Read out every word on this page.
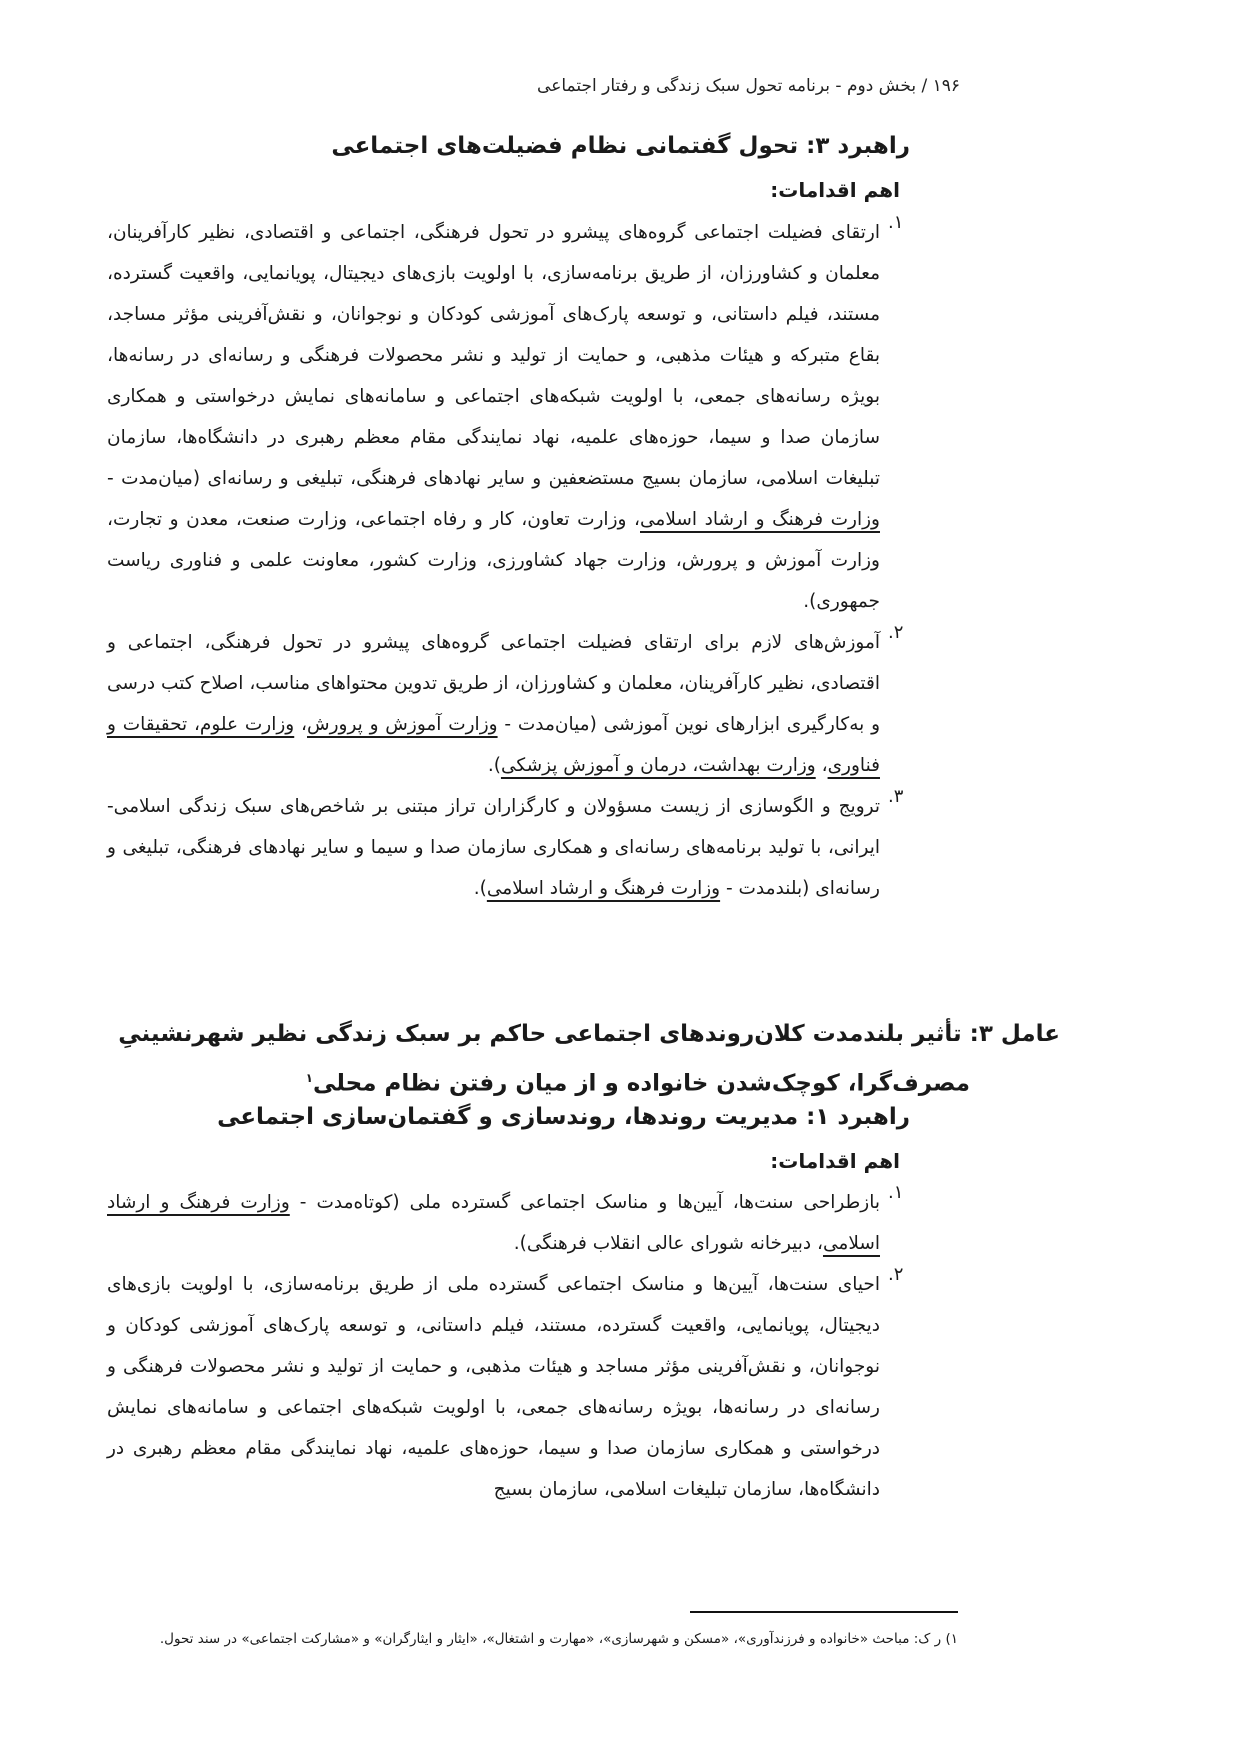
۱۹۶ / بخش دوم - برنامه تحول سبک زندگی و رفتار اجتماعی
راهبرد ۳: تحول گفتمانی نظام فضیلت‌های اجتماعی
اهم اقدامات:
۱.
ارتقای فضیلت اجتماعی گروه‌های پیشرو در تحول فرهنگی، اجتماعی و اقتصادی، نظیر کارآفرینان، معلمان و کشاورزان، از طریق برنامه‌سازی، با اولویت بازی‌های دیجیتال، پویانمایی، واقعیت گسترده، مستند، فیلم داستانی، و توسعه پارک‌های آموزشی کودکان و نوجوانان، و نقش‌آفرینی مؤثر مساجد، بقاع متبرکه و هیئات مذهبی، و حمایت از تولید و نشر محصولات فرهنگی و رسانه‌ای در رسانه‌ها، بویژه رسانه‌های جمعی، با اولویت شبکه‌های اجتماعی و سامانه‌های نمایش درخواستی و همکاری سازمان صدا و سیما، حوزه‌های علمیه، نهاد نمایندگی مقام معظم رهبری در دانشگاه‌ها، سازمان تبلیغات اسلامی، سازمان بسیج مستضعفین و سایر نهادهای فرهنگی، تبلیغی و رسانه‌ای (میان‌مدت - وزارت فرهنگ و ارشاد اسلامی، وزارت تعاون، کار و رفاه اجتماعی، وزارت صنعت، معدن و تجارت، وزارت آموزش و پرورش، وزارت جهاد کشاورزی، وزارت کشور، معاونت علمی و فناوری ریاست جمهوری).
۲.
آموزش‌های لازم برای ارتقای فضیلت اجتماعی گروه‌های پیشرو در تحول فرهنگی، اجتماعی و اقتصادی، نظیر کارآفرینان، معلمان و کشاورزان، از طریق تدوین محتواهای مناسب، اصلاح کتب درسی و به‌کارگیری ابزارهای نوین آموزشی (میان‌مدت - وزارت آموزش و پرورش، وزارت علوم، تحقیقات و فناوری، وزارت بهداشت، درمان و آموزش پزشکی).
۳.
ترویج و الگوسازی از زیست مسؤولان و کارگزاران تراز مبتنی بر شاخص‌های سبک زندگی اسلامی- ایرانی، با تولید برنامه‌های رسانه‌ای و همکاری سازمان صدا و سیما و سایر نهادهای فرهنگی، تبلیغی و رسانه‌ای (بلندمدت - وزارت فرهنگ و ارشاد اسلامی).
عامل ۳: تأثیر بلندمدت کلان‌روندهای اجتماعی حاکم بر سبک زندگی نظیر شهرنشینیِ
مصرف‌گرا، کوچک‌شدن خانواده و از میان رفتن نظام محلی$^۱$
راهبرد ۱: مدیریت روندها، روندسازی و گفتمان‌سازی اجتماعی
اهم اقدامات:
۱.
بازطراحی سنت‌ها، آیین‌ها و مناسک اجتماعی گسترده ملی (کوتاه‌مدت - وزارت فرهنگ و ارشاد اسلامی، دبیرخانه شورای عالی انقلاب فرهنگی).
۲.
احیای سنت‌ها، آیین‌ها و مناسک اجتماعی گسترده ملی از طریق برنامه‌سازی، با اولویت بازی‌های دیجیتال، پویانمایی، واقعیت گسترده، مستند، فیلم داستانی، و توسعه پارک‌های آموزشی کودکان و نوجوانان، و نقش‌آفرینی مؤثر مساجد و هیئات مذهبی، و حمایت از تولید و نشر محصولات فرهنگی و رسانه‌ای در رسانه‌ها، بویژه رسانه‌های جمعی، با اولویت شبکه‌های اجتماعی و سامانه‌های نمایش درخواستی و همکاری سازمان صدا و سیما، حوزه‌های علمیه، نهاد نمایندگی مقام معظم رهبری در دانشگاه‌ها، سازمان تبلیغات اسلامی، سازمان بسیج
۱) ر ک: مباحث «خانواده و فرزندآوری»، «مسکن و شهرسازی»، «مهارت و اشتغال»، «ایثار و ایثارگران» و «مشارکت اجتماعی» در سند تحول.
